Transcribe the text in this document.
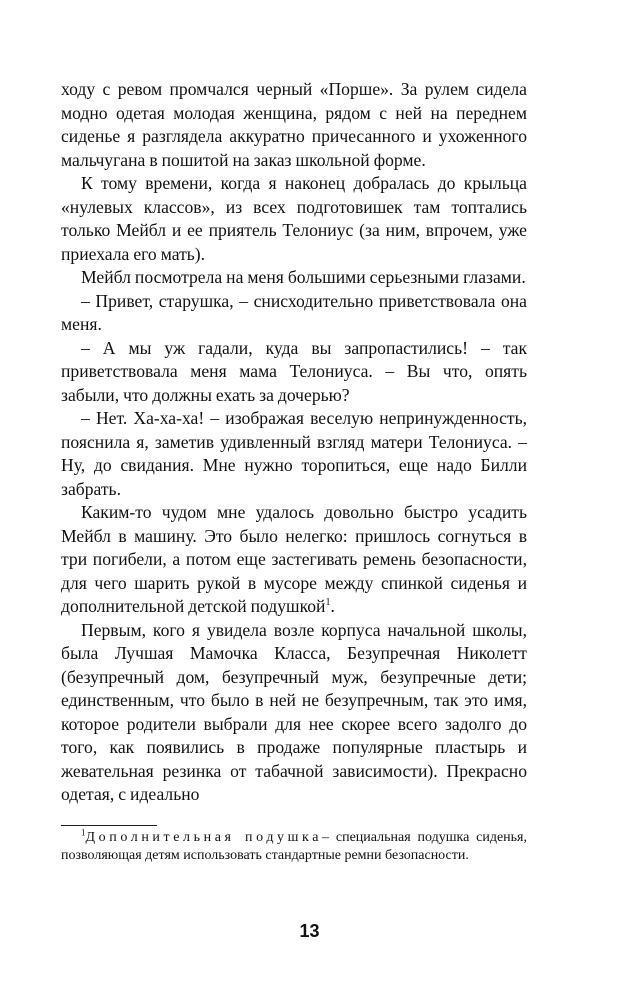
ходу с ревом промчался черный «Порше». За рулем сидела модно одетая молодая женщина, рядом с ней на переднем сиденье я разглядела аккуратно причесанного и ухоженного мальчугана в пошитой на заказ школьной форме.

К тому времени, когда я наконец добралась до крыльца «нулевых классов», из всех подготовишек там топтались только Мейбл и ее приятель Телониус (за ним, впрочем, уже приехала его мать).

Мейбл посмотрела на меня большими серьезными глазами.

– Привет, старушка, – снисходительно приветствовала она меня.

– А мы уж гадали, куда вы запропастились! – так приветствовала меня мама Телониуса. – Вы что, опять забыли, что должны ехать за дочерью?

– Нет. Ха-ха-ха! – изображая веселую непринужденность, пояснила я, заметив удивленный взгляд матери Телониуса. – Ну, до свидания. Мне нужно торопиться, еще надо Билли забрать.

Каким-то чудом мне удалось довольно быстро усадить Мейбл в машину. Это было нелегко: пришлось согнуться в три погибели, а потом еще застегивать ремень безопасности, для чего шарить рукой в мусоре между спинкой сиденья и дополнительной детской подушкой$^1$.

Первым, кого я увидела возле корпуса начальной школы, была Лучшая Мамочка Класса, Безупречная Николетт (безупречный дом, безупречный муж, безупречные дети; единственным, что было в ней не безупречным, так это имя, которое родители выбрали для нее скорее всего задолго до того, как появились в продаже популярные пластырь и жевательная резинка от табачной зависимости). Прекрасно одетая, с идеально

$^1$Дополнительная подушка– специальная подушка сиденья, позволяющая детям использовать стандартные ремни безопасности.

13
